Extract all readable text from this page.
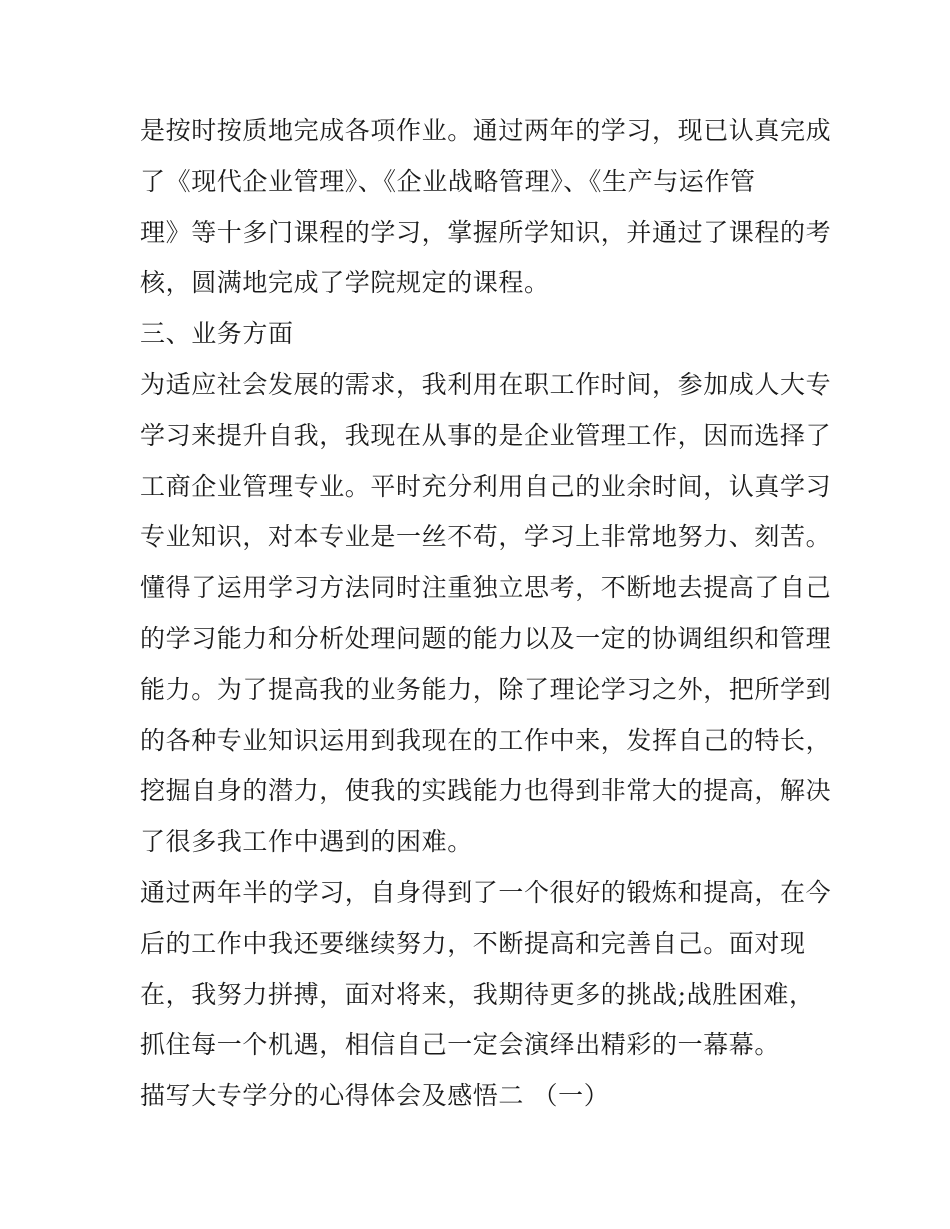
是按时按质地完成各项作业。通过两年的学习，现已认真完成
了《现代企业管理》、《企业战略管理》、《生产与运作管
理》等十多门课程的学习，掌握所学知识，并通过了课程的考
核，圆满地完成了学院规定的课程。
三、业务方面
为适应社会发展的需求，我利用在职工作时间，参加成人大专
学习来提升自我，我现在从事的是企业管理工作，因而选择了
工商企业管理专业。平时充分利用自己的业余时间，认真学习
专业知识，对本专业是一丝不苟，学习上非常地努力、刻苦。
懂得了运用学习方法同时注重独立思考，不断地去提高了自己
的学习能力和分析处理问题的能力以及一定的协调组织和管理
能力。为了提高我的业务能力，除了理论学习之外，把所学到
的各种专业知识运用到我现在的工作中来，发挥自己的特长，
挖掘自身的潜力，使我的实践能力也得到非常大的提高，解决
了很多我工作中遇到的困难。
通过两年半的学习，自身得到了一个很好的锻炼和提高，在今
后的工作中我还要继续努力，不断提高和完善自己。面对现
在，我努力拼搏，面对将来，我期待更多的挑战;战胜困难，
抓住每一个机遇，相信自己一定会演绎出精彩的一幕幕。
描写大专学分的心得体会及感悟二 （一）
